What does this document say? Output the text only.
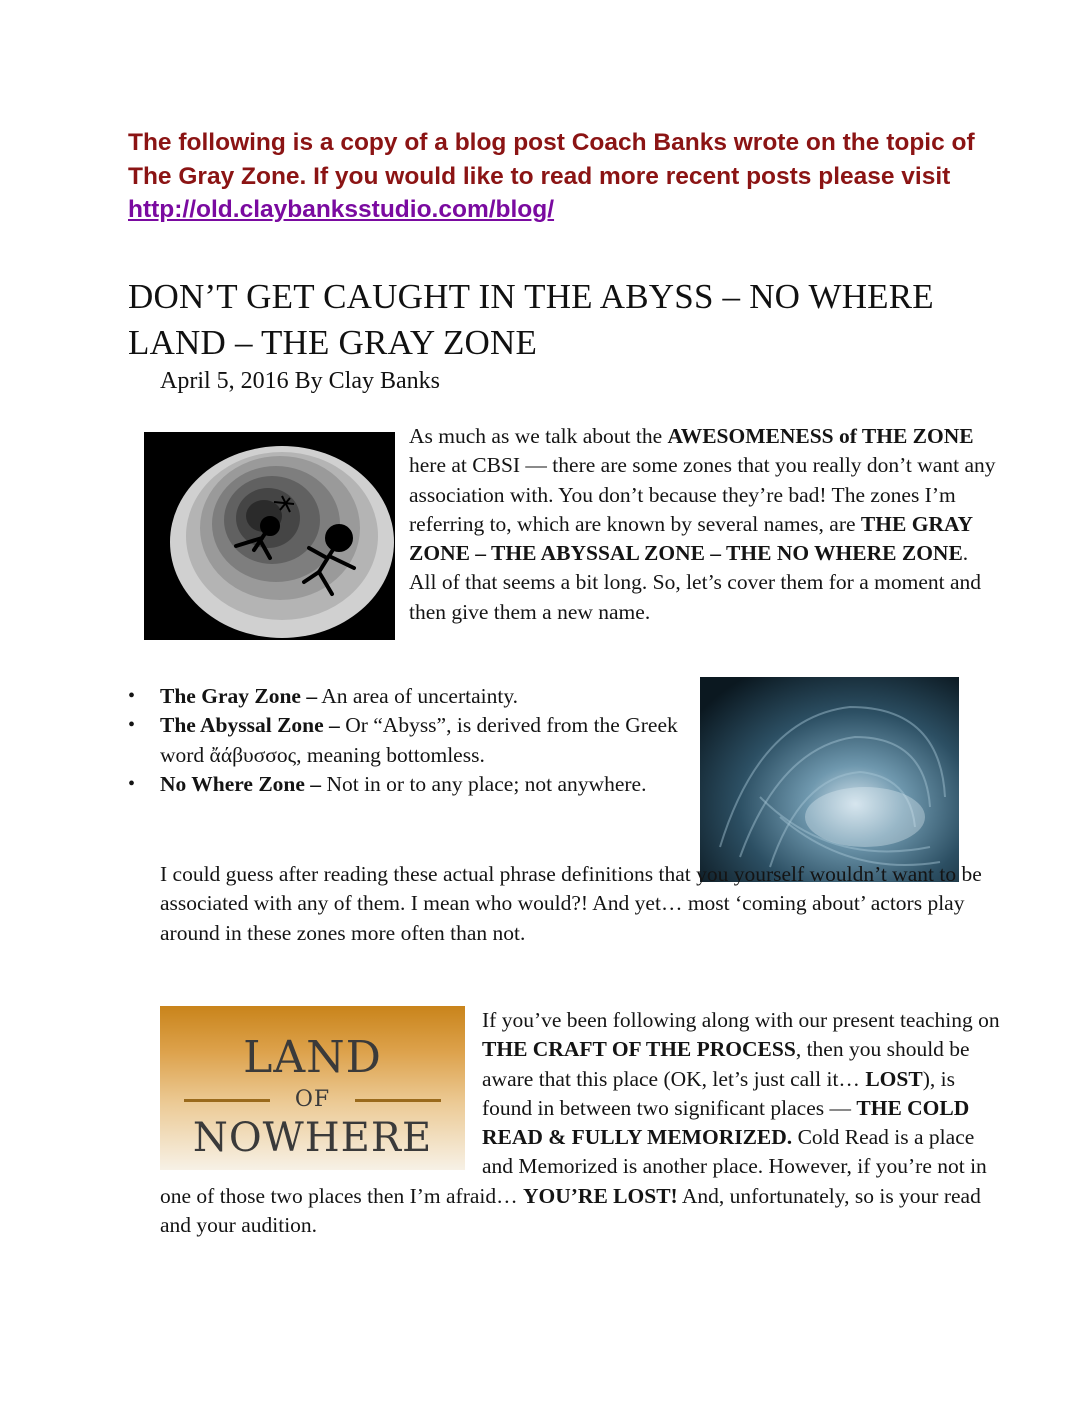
The following is a copy of a blog post Coach Banks wrote on the topic of The Gray Zone. If you would like to read more recent posts please visit http://old.claybanksstudio.com/blog/

DON’T GET CAUGHT IN THE ABYSS – NO WHERE LAND – THE GRAY ZONE

April 5, 2016 By Clay Banks

As much as we talk about the AWESOMENESS of THE ZONE here at CBSI — there are some zones that you really don’t want any association with. You don’t because they’re bad! The zones I’m referring to, which are known by several names, are THE GRAY ZONE – THE ABYSSAL ZONE – THE NO WHERE ZONE. All of that seems a bit long. So, let’s cover them for a moment and then give them a new name.
•	The Gray Zone – An area of uncertainty.
•	The Abyssal Zone – Or “Abyss”, is derived from the Greek word ἄάβυσσος, meaning bottomless.
•	No Where Zone – Not in or to any place; not anywhere.
I could guess after reading these actual phrase definitions that you yourself wouldn’t want to be associated with any of them. I mean who would?! And yet… most ‘coming about’ actors play around in these zones more often than not.
LAND
OF
NOWHERE
If you’ve been following along with our present teaching on THE CRAFT OF THE PROCESS, then you should be aware that this place (OK, let’s just call it… LOST), is found in between two significant places — THE COLD READ & FULLY MEMORIZED. Cold Read is a place and Memorized is another place. However, if you’re not in one of those two places then I’m afraid… YOU’RE LOST! And, unfortunately, so is your read and your audition.
